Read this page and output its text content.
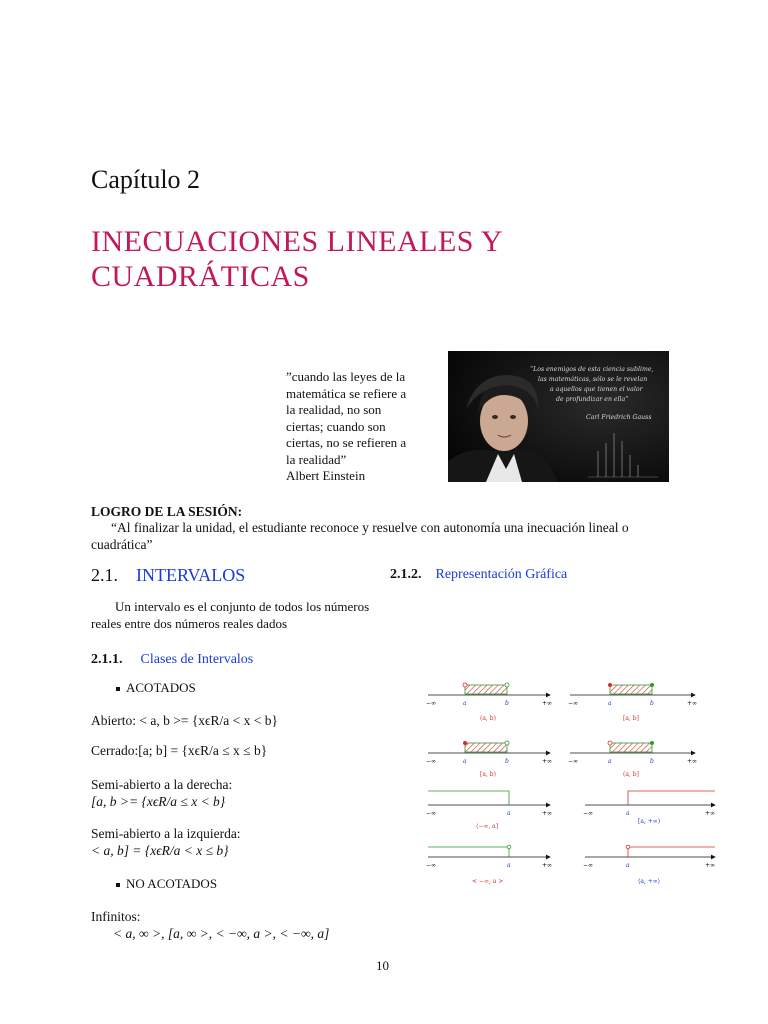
Capítulo 2
INECUACIONES LINEALES Y
CUADRÁTICAS
”cuando las leyes de la
matemática se refiere a
la realidad, no son
ciertas; cuando son
ciertas, no se refieren a
la realidad”
Albert Einstein
“Los enemigos de esta ciencia sublime,
las matemáticas, sólo se le revelan
a aquellos que tienen el valor
de profundizar en ella”
Carl Friedrich Gauss
LOGRO DE LA SESIÓN:
“Al finalizar la unidad, el estudiante reconoce y resuelve con autonomía una inecuación lineal o cuadrática”
2.1. INTERVALOS	2.1.2. Representación Gráfica
Un intervalo es el conjunto de todos los números reales entre dos números reales dados
2.1.1. Clases de Intervalos
ACOTADOS
Abierto: < a, b >= {xϵR/a < x < b}
Cerrado:[a; b] = {xϵR/a ≤ x ≤ b}
Semi-abierto a la derecha:
[a, b >= {xϵR/a ≤ x < b}
Semi-abierto a la izquierda:
< a, b] = {xϵR/a < x ≤ b}
NO ACOTADOS
Infinitos:
< a, ∞ >, [a, ∞ >, < −∞, a >, < −∞, a]
−∞	a	b	+∞
(a, b)
−∞	a	b	+∞
[a, b]
−∞	a	b	+∞
[a, b)
−∞	a	b	+∞
(a, b]
−∞	a	+∞
⟨−∞, a]
−∞	a	+∞
[a, +∞)
−∞	a	+∞
< −∞, a >
−∞	a	+∞
⟨a, +∞⟩
10
